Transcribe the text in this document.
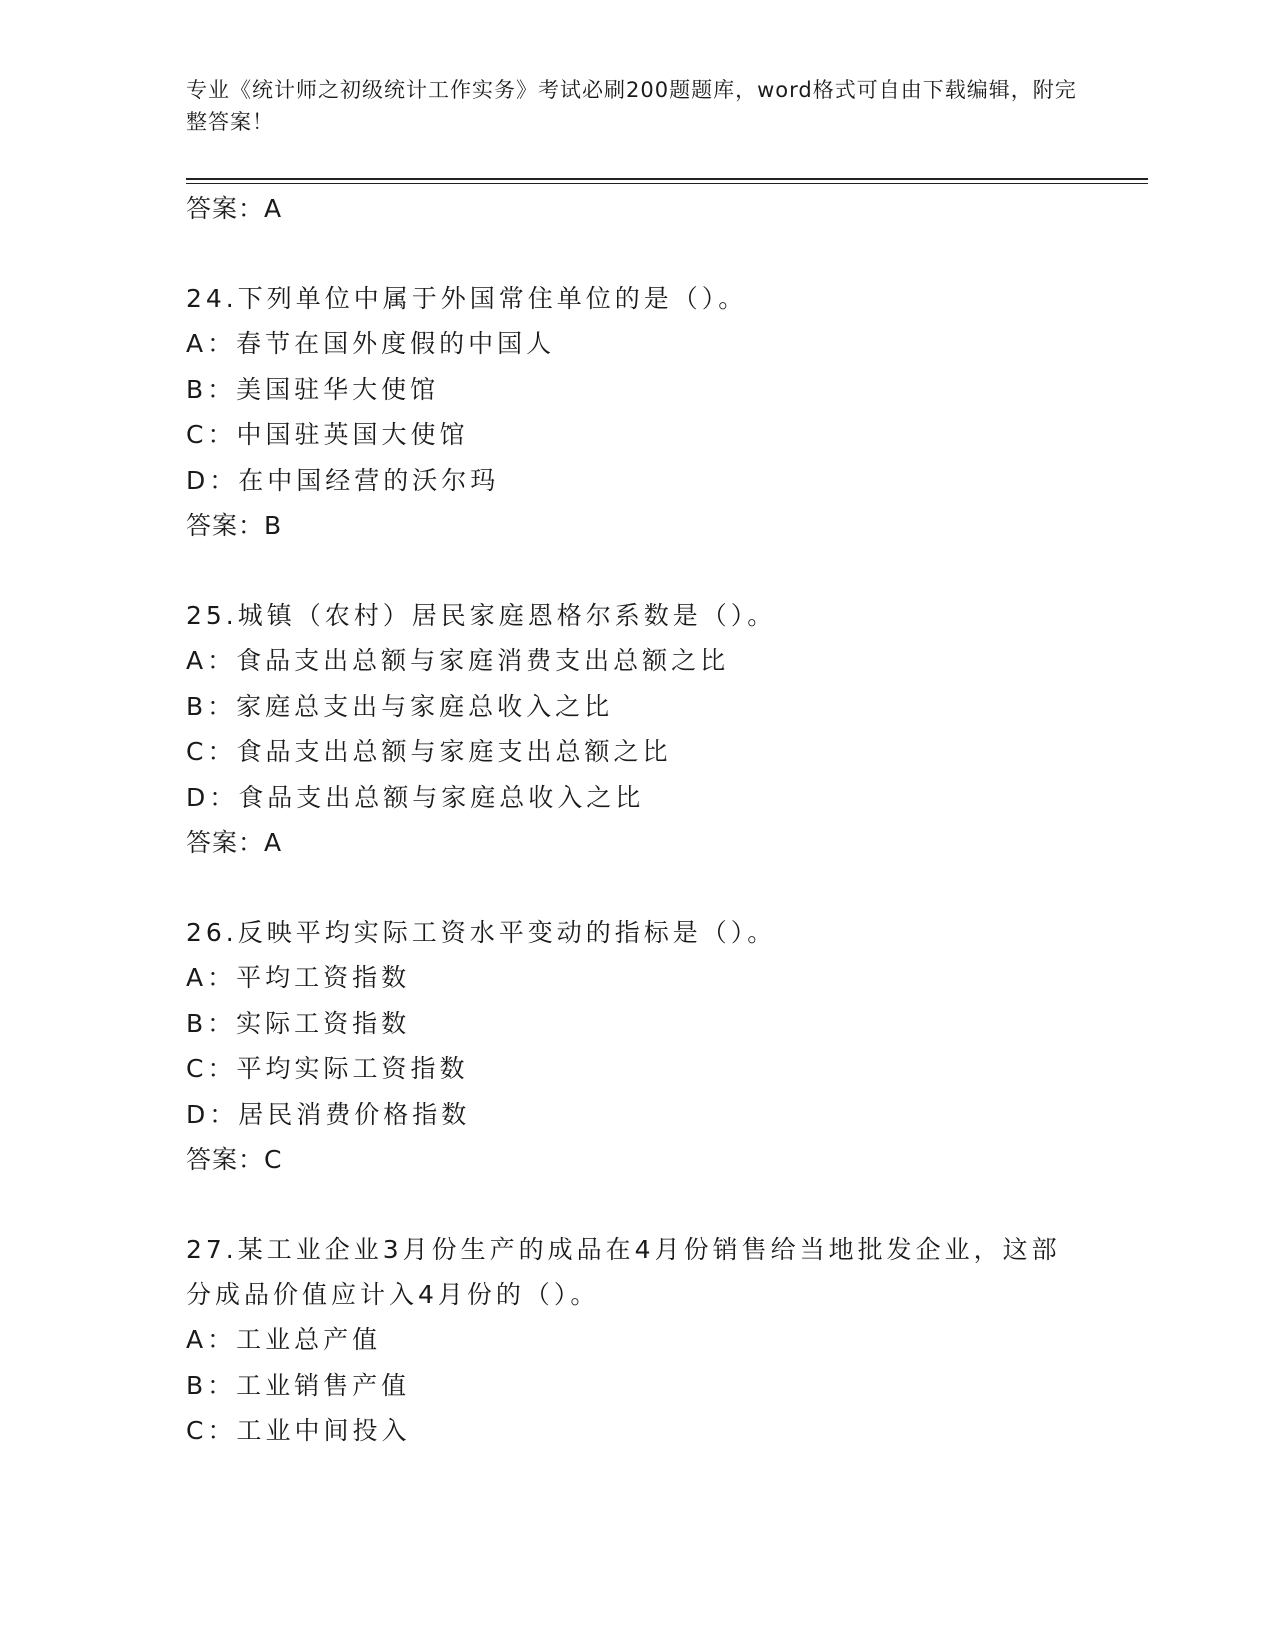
专业《统计师之初级统计工作实务》考试必刷200题题库，word格式可自由下载编辑，附完整答案！
答案：A
24.下列单位中属于外国常住单位的是（）。
A：春节在国外度假的中国人
B：美国驻华大使馆
C：中国驻英国大使馆
D：在中国经营的沃尔玛
答案：B
25.城镇（农村）居民家庭恩格尔系数是（）。
A：食品支出总额与家庭消费支出总额之比
B：家庭总支出与家庭总收入之比
C：食品支出总额与家庭支出总额之比
D：食品支出总额与家庭总收入之比
答案：A
26.反映平均实际工资水平变动的指标是（）。
A：平均工资指数
B：实际工资指数
C：平均实际工资指数
D：居民消费价格指数
答案：C
27.某工业企业3月份生产的成品在4月份销售给当地批发企业，这部分成品价值应计入4月份的（）。
A：工业总产值
B：工业销售产值
C：工业中间投入
